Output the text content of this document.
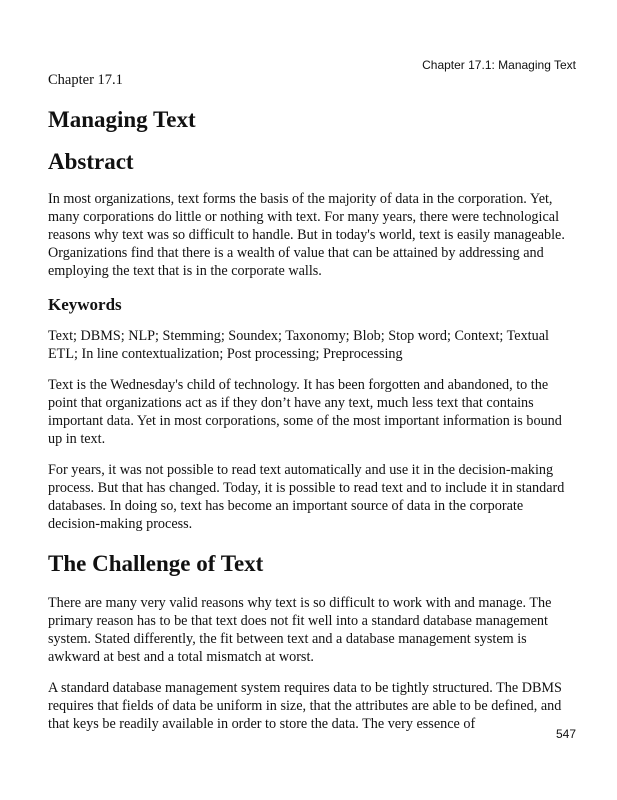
Chapter 17.1: Managing Text
Chapter 17.1
Managing Text
Abstract

In most organizations, text forms the basis of the majority of data in the corporation. Yet, many corporations do little or nothing with text. For many years, there were technological reasons why text was so difficult to handle. But in today's world, text is easily manageable. Organizations find that there is a wealth of value that can be attained by addressing and employing the text that is in the corporate walls.

Keywords

Text; DBMS; NLP; Stemming; Soundex; Taxonomy; Blob; Stop word; Context; Textual ETL; In line contextualization; Post processing; Preprocessing

Text is the Wednesday's child of technology. It has been forgotten and abandoned, to the point that organizations act as if they don’t have any text, much less text that contains important data. Yet in most corporations, some of the most important information is bound up in text.

For years, it was not possible to read text automatically and use it in the decision-making process. But that has changed. Today, it is possible to read text and to include it in standard databases. In doing so, text has become an important source of data in the corporate decision-making process.

The Challenge of Text

There are many very valid reasons why text is so difficult to work with and manage. The primary reason has to be that text does not fit well into a standard database management system. Stated differently, the fit between text and a database management system is awkward at best and a total mismatch at worst.

A standard database management system requires data to be tightly structured. The DBMS requires that fields of data be uniform in size, that the attributes are able to be defined, and that keys be readily available in order to store the data. The very essence of

547
